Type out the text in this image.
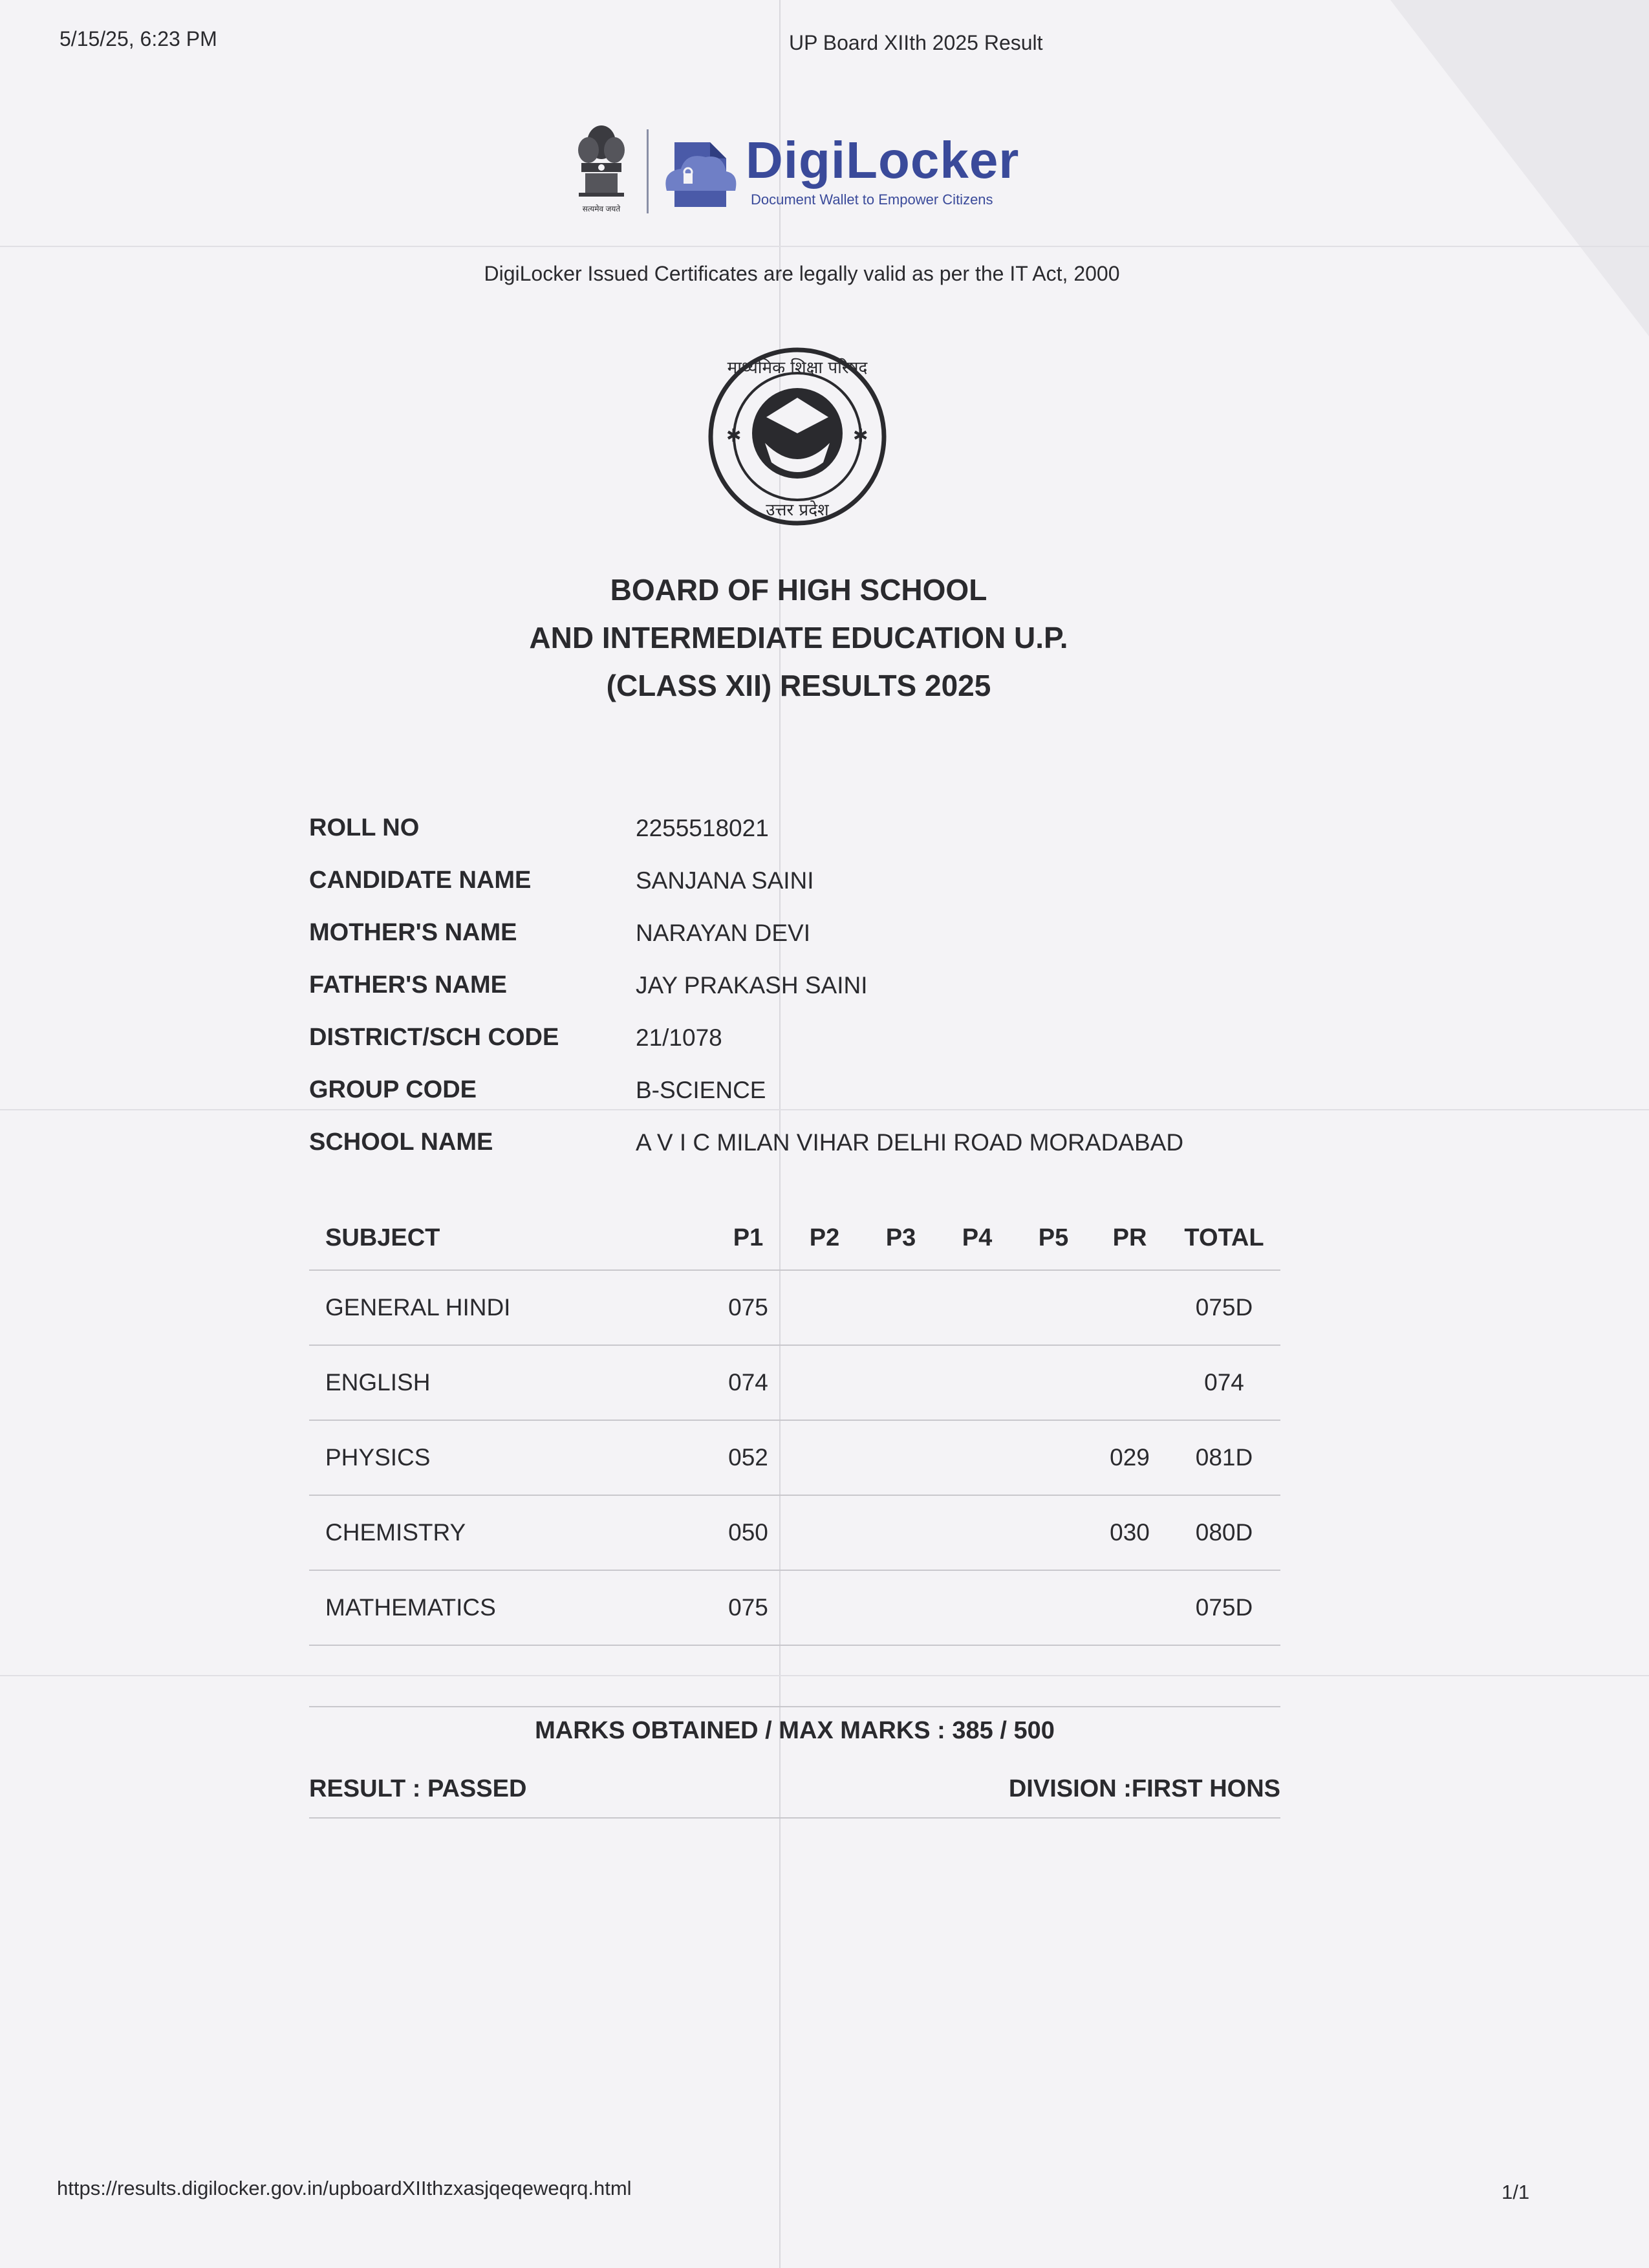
5/15/25, 6:23 PM	UP Board XIIth 2025 Result
सत्यमेव जयते
DigiLocker
Document Wallet to Empower Citizens
DigiLocker Issued Certificates are legally valid as per the IT Act, 2000
✱	✱
माध्यमिक शिक्षा परिषद
उत्तर प्रदेश
BOARD OF HIGH SCHOOL
AND INTERMEDIATE EDUCATION U.P.
(CLASS XII) RESULTS 2025
ROLL NO	2255518021
CANDIDATE NAME	SANJANA SAINI
MOTHER'S NAME	NARAYAN DEVI
FATHER'S NAME	JAY PRAKASH SAINI
DISTRICT/SCH CODE	21/1078
GROUP CODE	B-SCIENCE
SCHOOL NAME	A V I C MILAN VIHAR DELHI ROAD MORADABAD
SUBJECT	P1	P2	P3	P4	P5	PR	TOTAL
GENERAL HINDI	075						075D
ENGLISH	074						074
PHYSICS	052					029	081D
CHEMISTRY	050					030	080D
MATHEMATICS	075						075D
MARKS OBTAINED / MAX MARKS : 385 / 500
RESULT : PASSED	DIVISION :FIRST HONS
https://results.digilocker.gov.in/upboardXIIthzxasjqeqeweqrq.html	1/1
